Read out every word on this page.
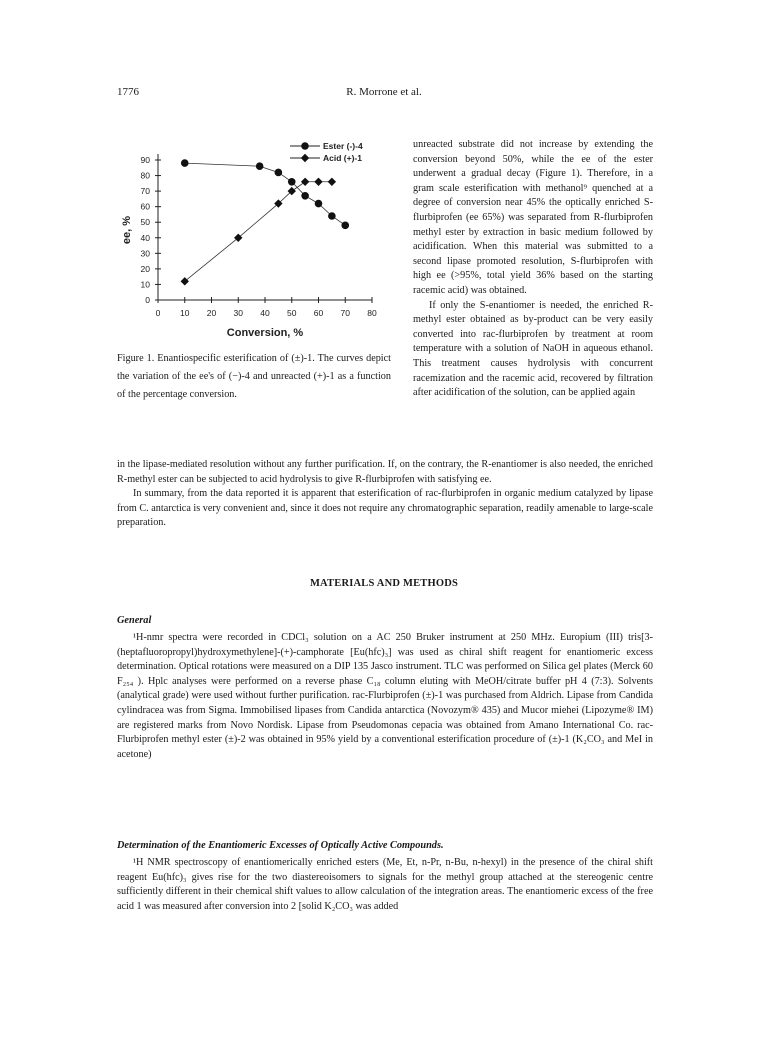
1776	R. Morrone et al.
0
10
20
30
40
50
60
70
80
90
0 10 20 30 40 50 60 70 80
Conversion, %
ee, %
Ester (-)-4
Acid (+)-1
Figure 1. Enantiospecific esterification of (±)-1. The curves depict the variation of the ee's of (−)-4 and unreacted (+)-1 as a function of the percentage conversion.

unreacted substrate did not increase by extending the conversion beyond 50%, while the ee of the ester underwent a gradual decay (Figure 1). Therefore, in a gram scale esterification with methanol⁹ quenched at a degree of conversion near 45% the optically enriched S-flurbiprofen (ee 65%) was separated from R-flurbiprofen methyl ester by extraction in basic medium followed by acidification. When this material was submitted to a second lipase promoted resolution, S-flurbiprofen with high ee (>95%, total yield 36% based on the starting racemic acid) was obtained.

If only the S-enantiomer is needed, the enriched R-methyl ester obtained as by-product can be very easily converted into rac-flurbiprofen by treatment at room temperature with a solution of NaOH in aqueous ethanol. This treatment causes hydrolysis with concurrent racemization and the racemic acid, recovered by filtration after acidification of the solution, can be applied again

in the lipase-mediated resolution without any further purification. If, on the contrary, the R-enantiomer is also needed, the enriched R-methyl ester can be subjected to acid hydrolysis to give R-flurbiprofen with satisfying ee.

In summary, from the data reported it is apparent that esterification of rac-flurbiprofen in organic medium catalyzed by lipase from C. antarctica is very convenient and, since it does not require any chromatographic separation, readily amenable to large-scale preparation.

MATERIALS AND METHODS
General

¹H-nmr spectra were recorded in CDCl₃ solution on a AC 250 Bruker instrument at 250 MHz. Europium (III) tris[3-(heptafluoropropyl)hydroxymethylene]-(+)-camphorate [Eu(hfc)₃] was used as chiral shift reagent for enantiomeric excess determination. Optical rotations were measured on a DIP 135 Jasco instrument. TLC was performed on Silica gel plates (Merck 60 F₂₅₄ ). Hplc analyses were performed on a reverse phase C₁₈ column eluting with MeOH/citrate buffer pH 4 (7:3). Solvents (analytical grade) were used without further purification. rac-Flurbiprofen (±)-1 was purchased from Aldrich. Lipase from Candida cylindracea was from Sigma. Immobilised lipases from Candida antarctica (Novozym® 435) and Mucor miehei (Lipozyme® IM) are registered marks from Novo Nordisk. Lipase from Pseudomonas cepacia was obtained from Amano International Co. rac-Flurbiprofen methyl ester (±)-2 was obtained in 95% yield by a conventional esterification procedure of (±)-1 (K₂CO₃ and MeI in acetone)

Determination of the Enantiomeric Excesses of Optically Active Compounds.

¹H NMR spectroscopy of enantiomerically enriched esters (Me, Et, n-Pr, n-Bu, n-hexyl) in the presence of the chiral shift reagent Eu(hfc)₃ gives rise for the two diastereoisomers to signals for the methyl group attached at the stereogenic centre sufficiently different in their chemical shift values to allow calculation of the integration areas. The enantiomeric excess of the free acid 1 was measured after conversion into 2 [solid K₂CO₃ was added
